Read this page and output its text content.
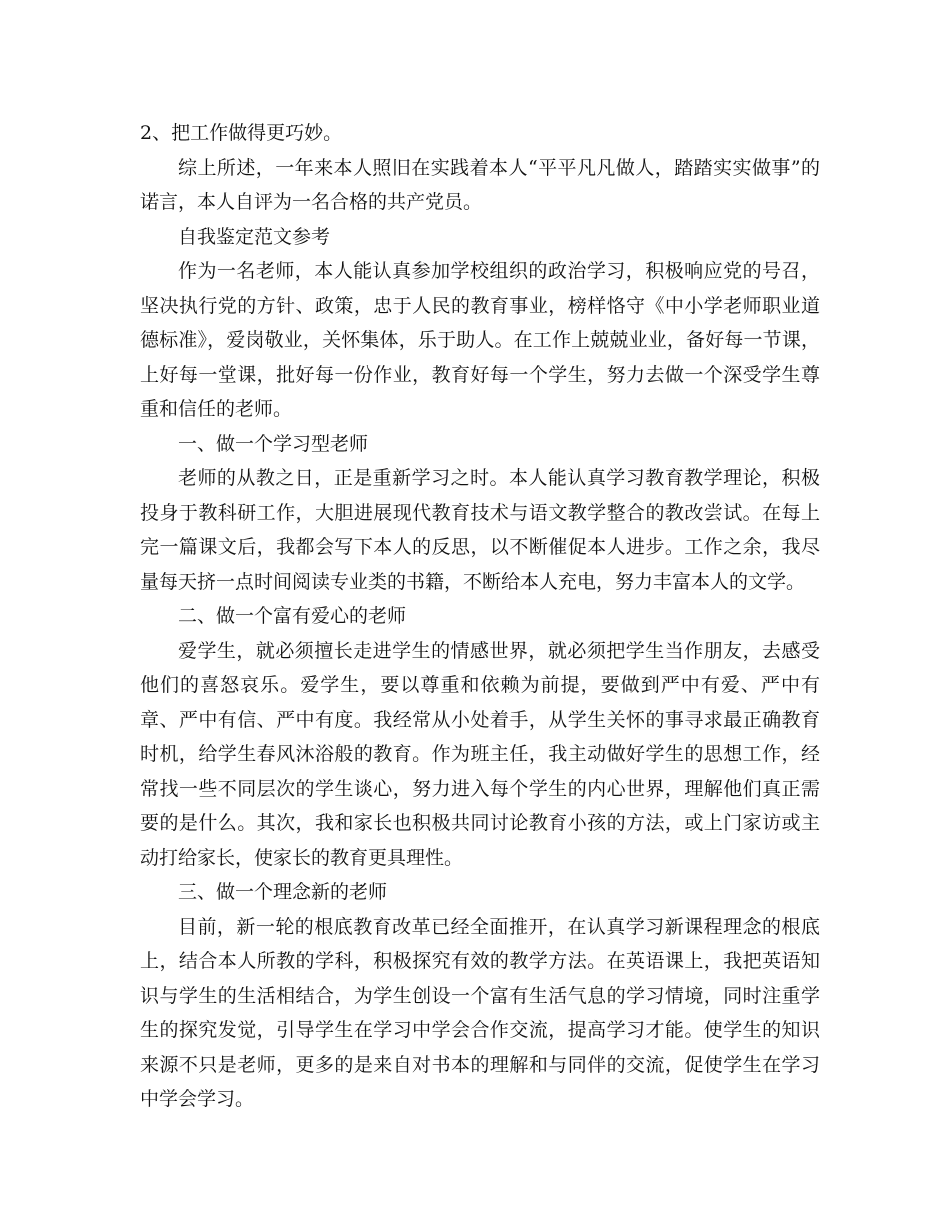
2、把工作做得更巧妙。

综上所述，一年来本人照旧在实践着本人“平平凡凡做人，踏踏实实做事”的诺言，本人自评为一名合格的共产党员。

自我鉴定范文参考

作为一名老师，本人能认真参加学校组织的政治学习，积极响应党的号召，坚决执行党的方针、政策，忠于人民的教育事业，榜样恪守《中小学老师职业道德标准》，爱岗敬业，关怀集体，乐于助人。在工作上兢兢业业，备好每一节课，上好每一堂课，批好每一份作业，教育好每一个学生，努力去做一个深受学生尊重和信任的老师。

一、做一个学习型老师

老师的从教之日，正是重新学习之时。本人能认真学习教育教学理论，积极投身于教科研工作，大胆进展现代教育技术与语文教学整合的教改尝试。在每上完一篇课文后，我都会写下本人的反思，以不断催促本人进步。工作之余，我尽量每天挤一点时间阅读专业类的书籍，不断给本人充电，努力丰富本人的文学。

二、做一个富有爱心的老师

爱学生，就必须擅长走进学生的情感世界，就必须把学生当作朋友，去感受他们的喜怒哀乐。爱学生，要以尊重和依赖为前提，要做到严中有爱、严中有章、严中有信、严中有度。我经常从小处着手，从学生关怀的事寻求最正确教育时机，给学生春风沐浴般的教育。作为班主任，我主动做好学生的思想工作，经常找一些不同层次的学生谈心，努力进入每个学生的内心世界，理解他们真正需要的是什么。其次，我和家长也积极共同讨论教育小孩的方法，或上门家访或主动打给家长，使家长的教育更具理性。

三、做一个理念新的老师

目前，新一轮的根底教育改革已经全面推开，在认真学习新课程理念的根底上，结合本人所教的学科，积极探究有效的教学方法。在英语课上，我把英语知识与学生的生活相结合，为学生创设一个富有生活气息的学习情境，同时注重学生的探究发觉，引导学生在学习中学会合作交流，提高学习才能。使学生的知识来源不只是老师，更多的是来自对书本的理解和与同伴的交流，促使学生在学习中学会学习。
